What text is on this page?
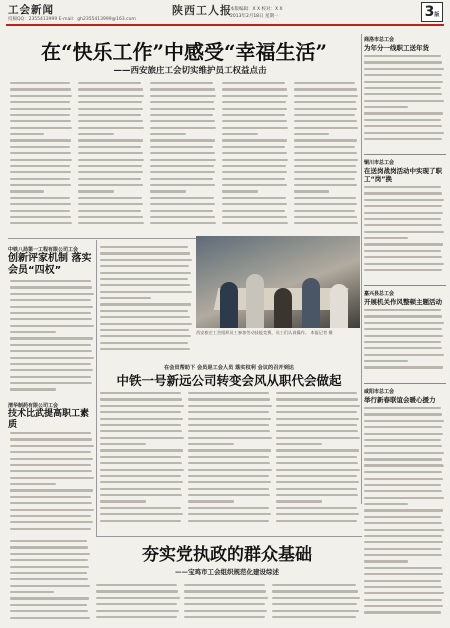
工会新闻
投稿QQ：2355413999 E-mail：gh2355413999@163.com
陕西工人报
本版编辑：X X 校对：X X
2013年2月18日 星期一	3版
在“快乐工作”中感受“幸福生活”
——西安旅庄工会切实维护员工权益点击
商洛市总工会
为年分一线职工送年货
铜川市总工会
在送岗战岗活动中实现了职工“岗”换
嘉兴县总工会
开展机关作风整顿主题活动
咸阳市总工会
举行新春联谊会暖心援力
中铁八局第一工程有限公司工会
创新评家机制 落实会员“四权”
渭华制药有限公司工会
技术比武提高职工素质
西安旅庄工会组织员工参加劳动技能竞赛，员工们认真操作。 本报记者 摄
在会员帮助下 会员是工会人员 落实权利 会议的召开到达
中铁一号新远公司转变会风从职代会做起
夯实党执政的群众基础
——宝鸡市工会组织规范化建设综述
